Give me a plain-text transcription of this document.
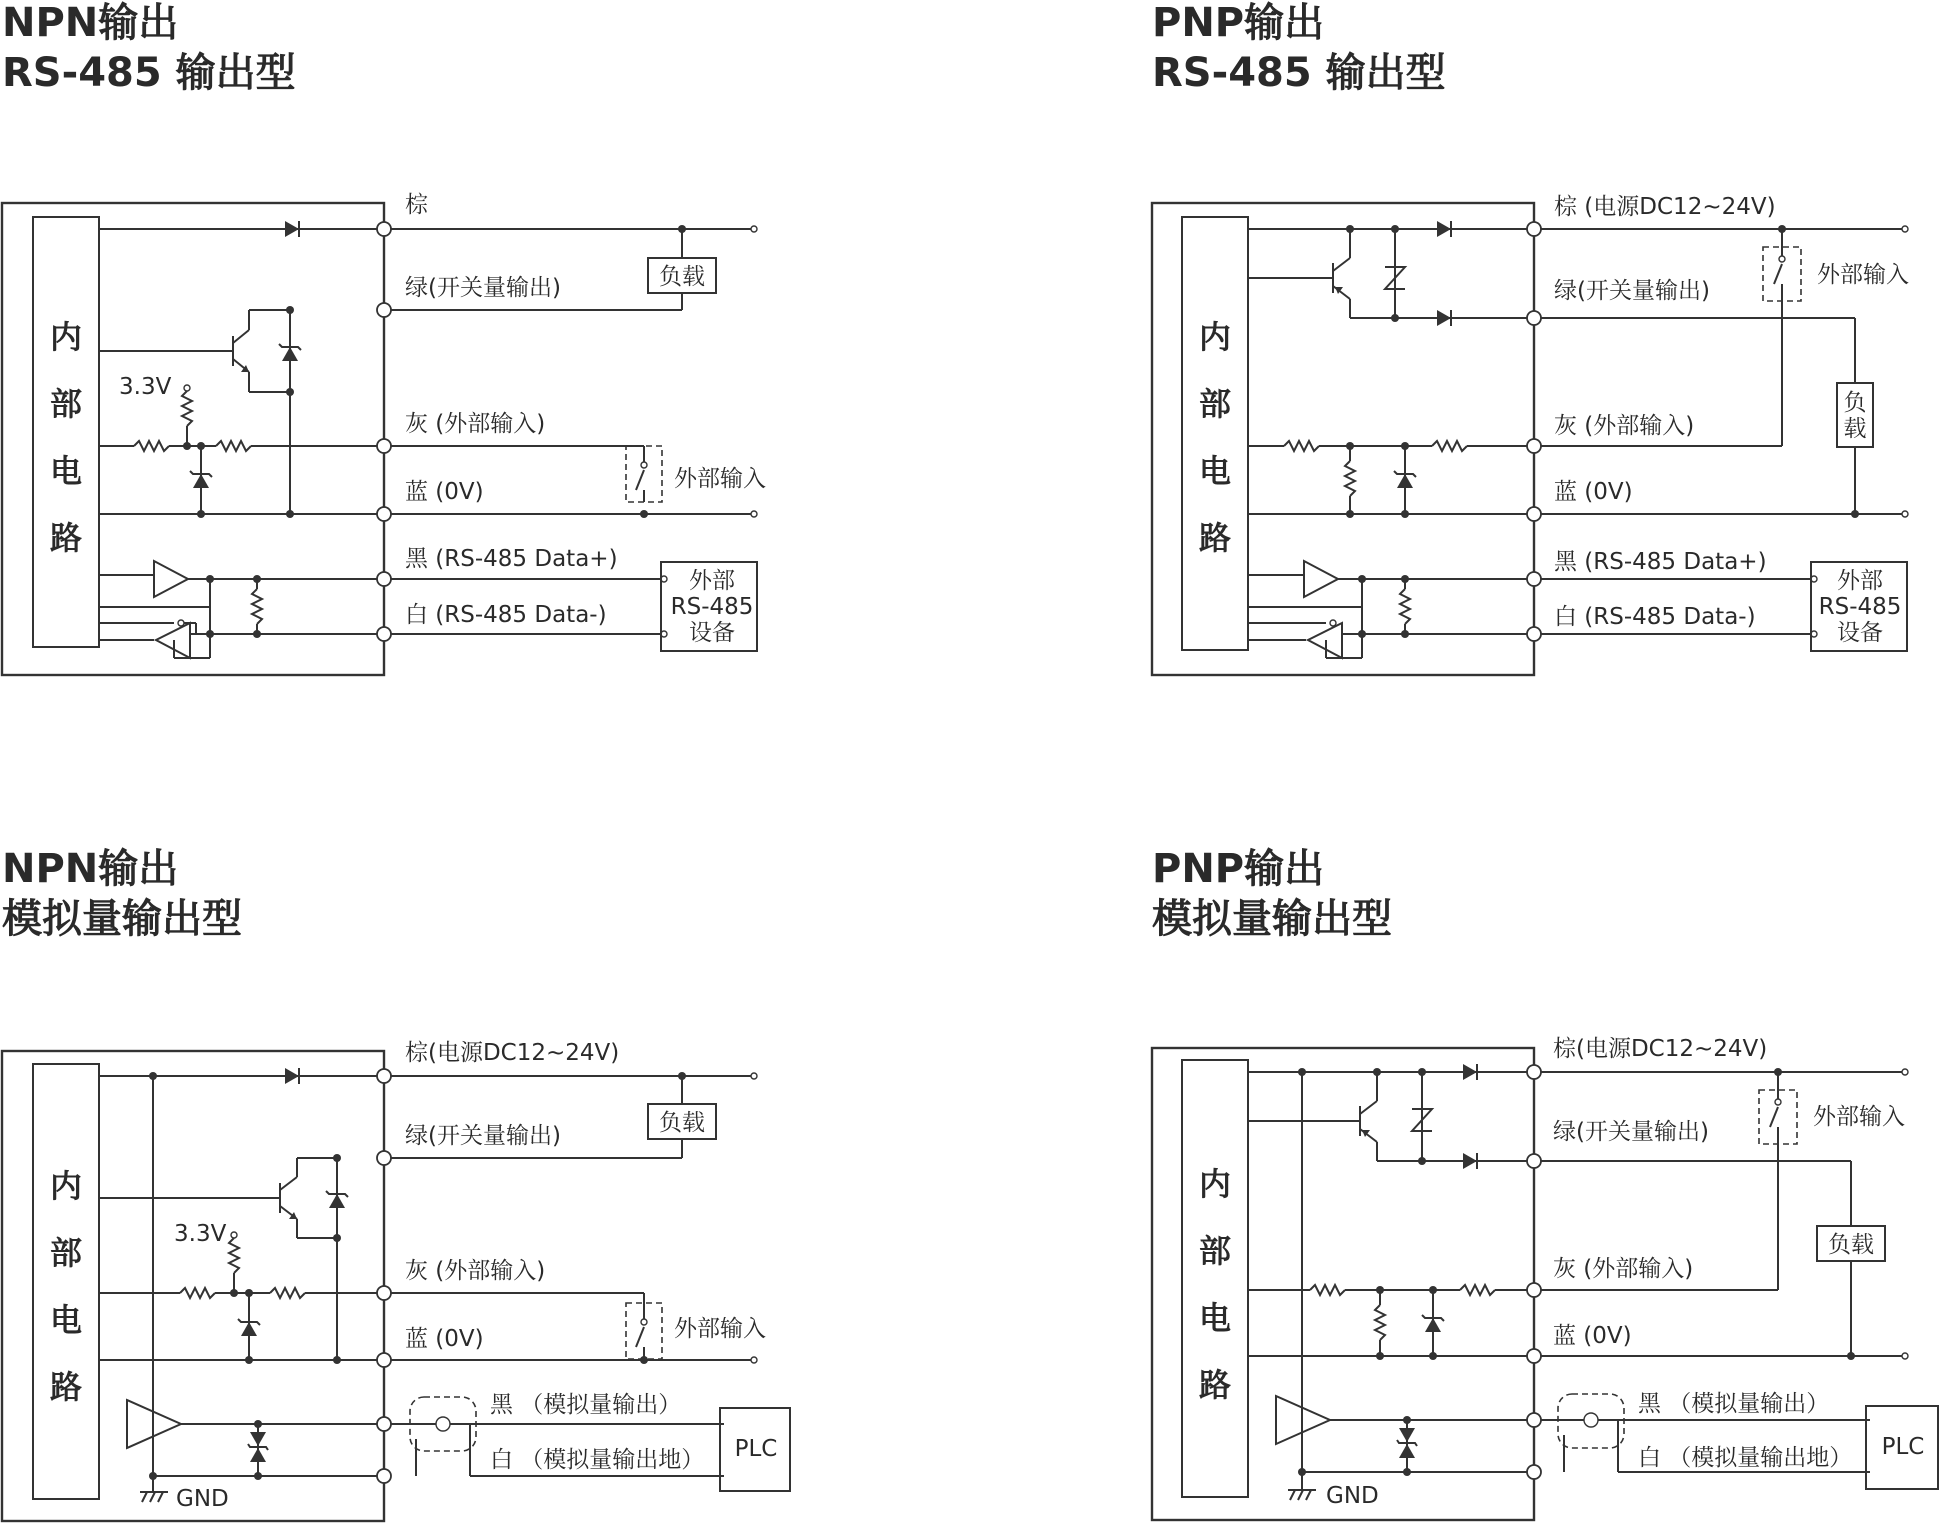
NPN输出
RS-485 输出型
内
部
电
路
负载
3.3V
外部输入
外部
RS-485
设备
棕
绿(开关量输出)
灰 (外部输入)
蓝 (0V)
黑 (RS-485 Data+)
白 (RS-485 Data-)
PNP输出
RS-485 输出型
内
部
电
路
负
载
外部输入
外部
RS-485
设备
棕 (电源DC12~24V)
绿(开关量输出)
灰 (外部输入)
蓝 (0V)
黑 (RS-485 Data+)
白 (RS-485 Data-)
NPN输出
模拟量输出型
内
部
电
路
负载
3.3V
外部输入
GND
PLC
棕(电源DC12~24V)
绿(开关量输出)
灰 (外部输入)
蓝 (0V)
黑 （模拟量输出）
白 （模拟量输出地）
PNP输出
模拟量输出型
内
部
电
路
负载
外部输入
GND
PLC
棕(电源DC12~24V)
绿(开关量输出)
灰 (外部输入)
蓝 (0V)
黑 （模拟量输出）
白 （模拟量输出地）
